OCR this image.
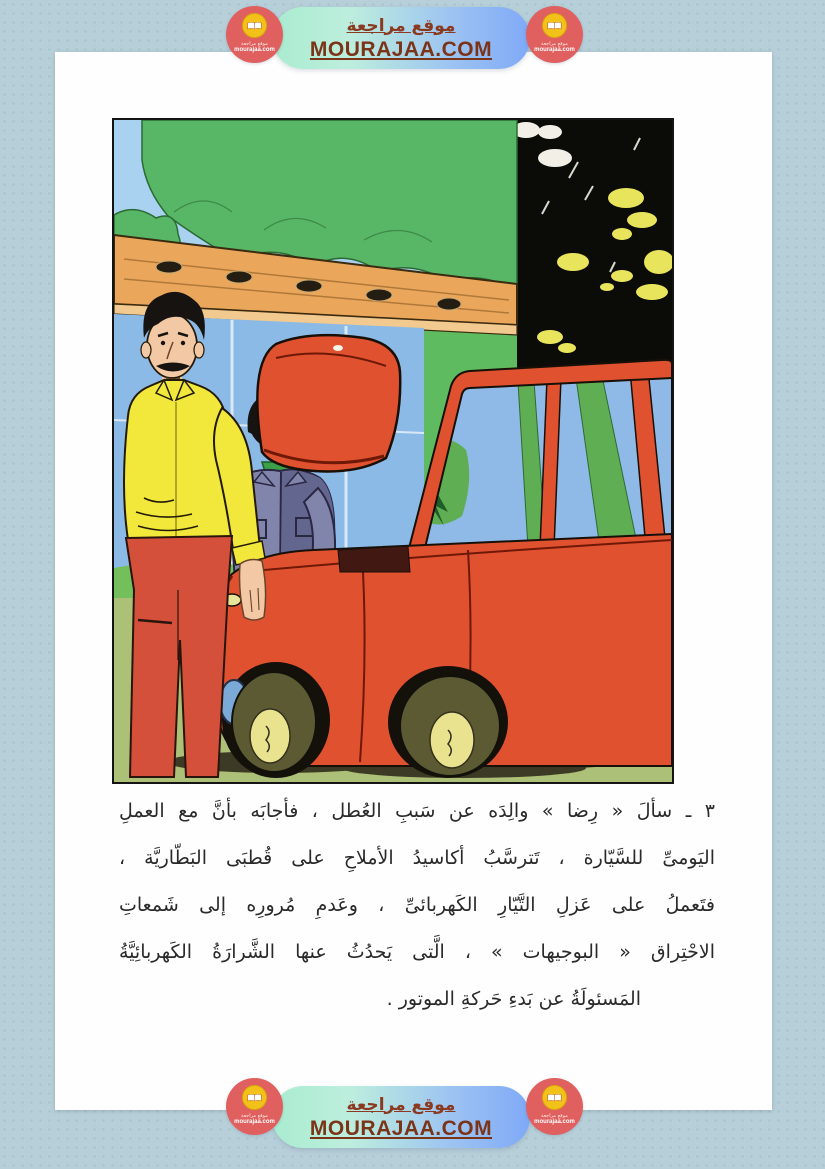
٣ ـ سألَ « رِضا » والِدَه عن سَببِ العُطل ، فأجابَه بأنَّ مع العملِ
اليَومىِّ للسَّيّارة ، تَترسَّبُ أكاسيدُ الأملاحِ على قُطبَى البَطّاريَّة ،
فتَعملُ على عَزلِ التَّيّارِ الكَهربائىِّ ، وعَدمِ مُرورِه إلى شَمعاتِ
الاحْتِراق « البوجيهات » ، الَّتى يَحدُثُ عنها الشَّرارَةُ الكَهربائِيَّةُ
المَسئولَةُ عن بَدءِ حَركةِ الموتور .
موقع مراجعة
MOURAJAA.COM
موقع مراجعة
MOURAJAA.COM
موقع مراجعة
mourajaa.com
موقع مراجعة
mourajaa.com
موقع مراجعة
mourajaa.com
موقع مراجعة
mourajaa.com
